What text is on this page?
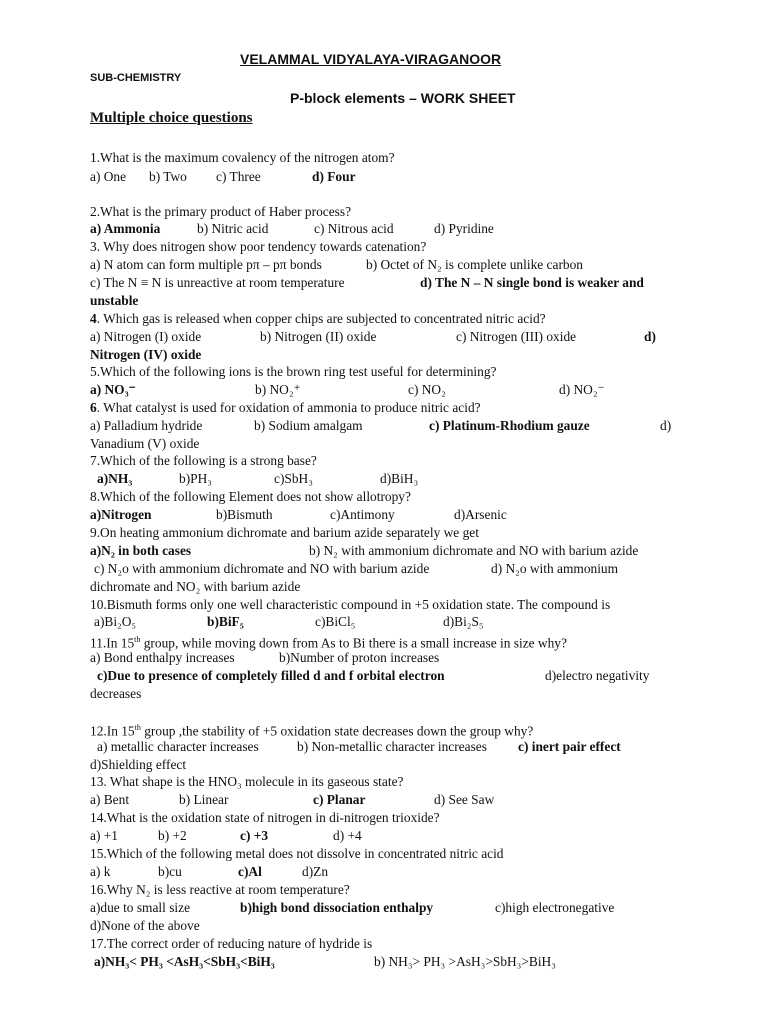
VELAMMAL VIDYALAYA-VIRAGANOOR
SUB-CHEMISTRY
P-block elements – WORK SHEET
Multiple choice questions
1.What is the maximum covalency of the nitrogen atom?
a) One b) Two c) Three	d) Four
2.What is the primary product of Haber process?
a) Ammonia	b) Nitric acid	c) Nitrous acid	d) Pyridine
3. Why does nitrogen show poor tendency towards catenation?
a) N atom can form multiple pπ – pπ bonds	b) Octet of N₂ is complete unlike carbon
c) The N ≡ N is unreactive at room temperature	d) The N – N single bond is weaker and
unstable
4. Which gas is released when copper chips are subjected to concentrated nitric acid?
a) Nitrogen (I) oxide	b) Nitrogen (II) oxide	c) Nitrogen (III) oxide	d)
Nitrogen (IV) oxide
5.Which of the following ions is the brown ring test useful for determining?
a) NO₃⁻	b) NO₂⁺	c) NO₂	d) NO₂⁻
6. What catalyst is used for oxidation of ammonia to produce nitric acid?
a) Palladium hydride	b) Sodium amalgam	c) Platinum-Rhodium gauze	d)
Vanadium (V) oxide
7.Which of the following is a strong base?
a)NH₃	b)PH₃	c)SbH₃	d)BiH₃
8.Which of the following Element does not show allotropy?
a)Nitrogen	b)Bismuth	c)Antimony	d)Arsenic
9.On heating ammonium dichromate and barium azide separately we get
a)N₂ in both cases	b) N₂ with ammonium dichromate and NO with barium azide
c) N₂o with ammonium dichromate and NO with barium azide	d) N₂o with ammonium
dichromate and NO₂ with barium azide
10.Bismuth forms only one well characteristic compound in +5 oxidation state. The compound is
a)Bi₂O₅	b)BiF₅	c)BiCl₅	d)Bi₂S₅
11.In 15th group, while moving down from As to Bi there is a small increase in size why?
a) Bond enthalpy increases	b)Number of proton increases
c)Due to presence of completely filled d and f orbital electron	d)electro negativity
decreases
12.In 15th group ,the stability of +5 oxidation state decreases down the group why?
a) metallic character increases	b) Non-metallic character increases c) inert pair effect
d)Shielding effect
13. What shape is the HNO₃ molecule in its gaseous state?
a) Bent	b) Linear	c) Planar	d) See Saw
14.What is the oxidation state of nitrogen in di-nitrogen trioxide?
a) +1	b) +2	c) +3	d) +4
15.Which of the following metal does not dissolve in concentrated nitric acid
a) k	b)cu	c)Al	d)Zn
16.Why N₂ is less reactive at room temperature?
a)due to small size	b)high bond dissociation enthalpy	c)high electronegative
d)None of the above
17.The correct order of reducing nature of hydride is
a)NH₃< PH₃ <AsH₃<SbH₃<BiH₃	b) NH₃> PH₃ >AsH₃>SbH₃>BiH₃
